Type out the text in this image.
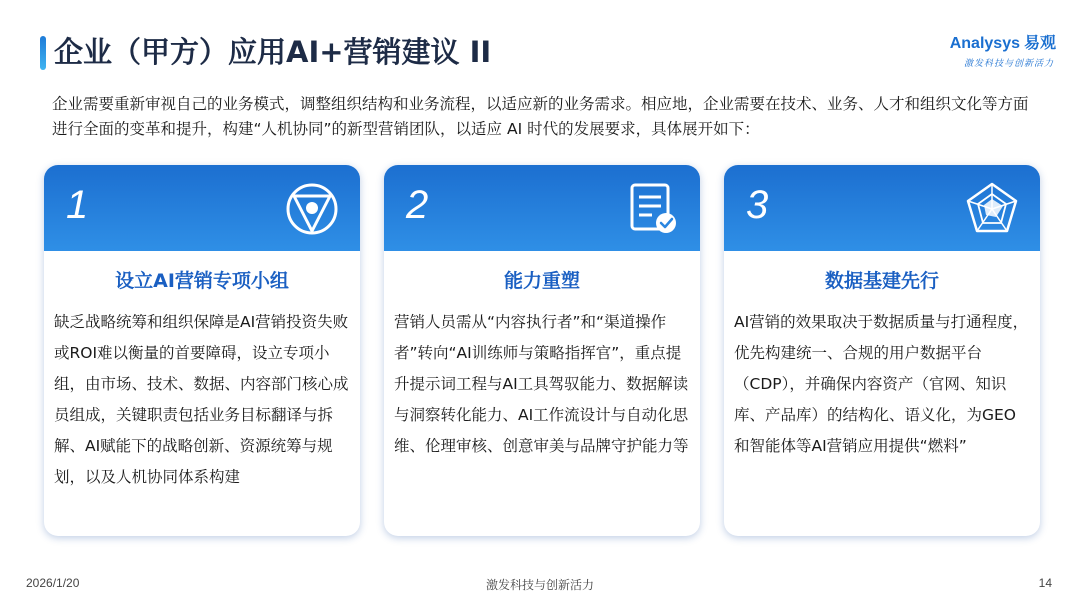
企业（甲方）应用AI+营销建议 II	Analysys 易观
激发科技与创新活力

企业需要重新审视自己的业务模式，调整组织结构和业务流程，以适应新的业务需求。相应地，企业需要在技术、业务、人才和组织文化等方面进行全面的变革和提升，构建“人机协同”的新型营销团队，以适应 AI 时代的发展要求，具体展开如下：

1
设立AI营销专项小组

缺乏战略统筹和组织保障是AI营销投资失败或ROI难以衡量的首要障碍，设立专项小组，由市场、技术、数据、内容部门核心成员组成，关键职责包括业务目标翻译与拆解、AI赋能下的战略创新、资源统筹与规划，以及人机协同体系构建

2
能力重塑

营销人员需从“内容执行者”和“渠道操作者”转向“AI训练师与策略指挥官”，重点提升提示词工程与AI工具驾驭能力、数据解读与洞察转化能力、AI工作流设计与自动化思维、伦理审核、创意审美与品牌守护能力等

3
数据基建先行

AI营销的效果取决于数据质量与打通程度，优先构建统一、合规的用户数据平台（CDP），并确保内容资产（官网、知识库、产品库）的结构化、语义化，为GEO和智能体等AI营销应用提供“燃料”

2026/1/20	激发科技与创新活力	14
